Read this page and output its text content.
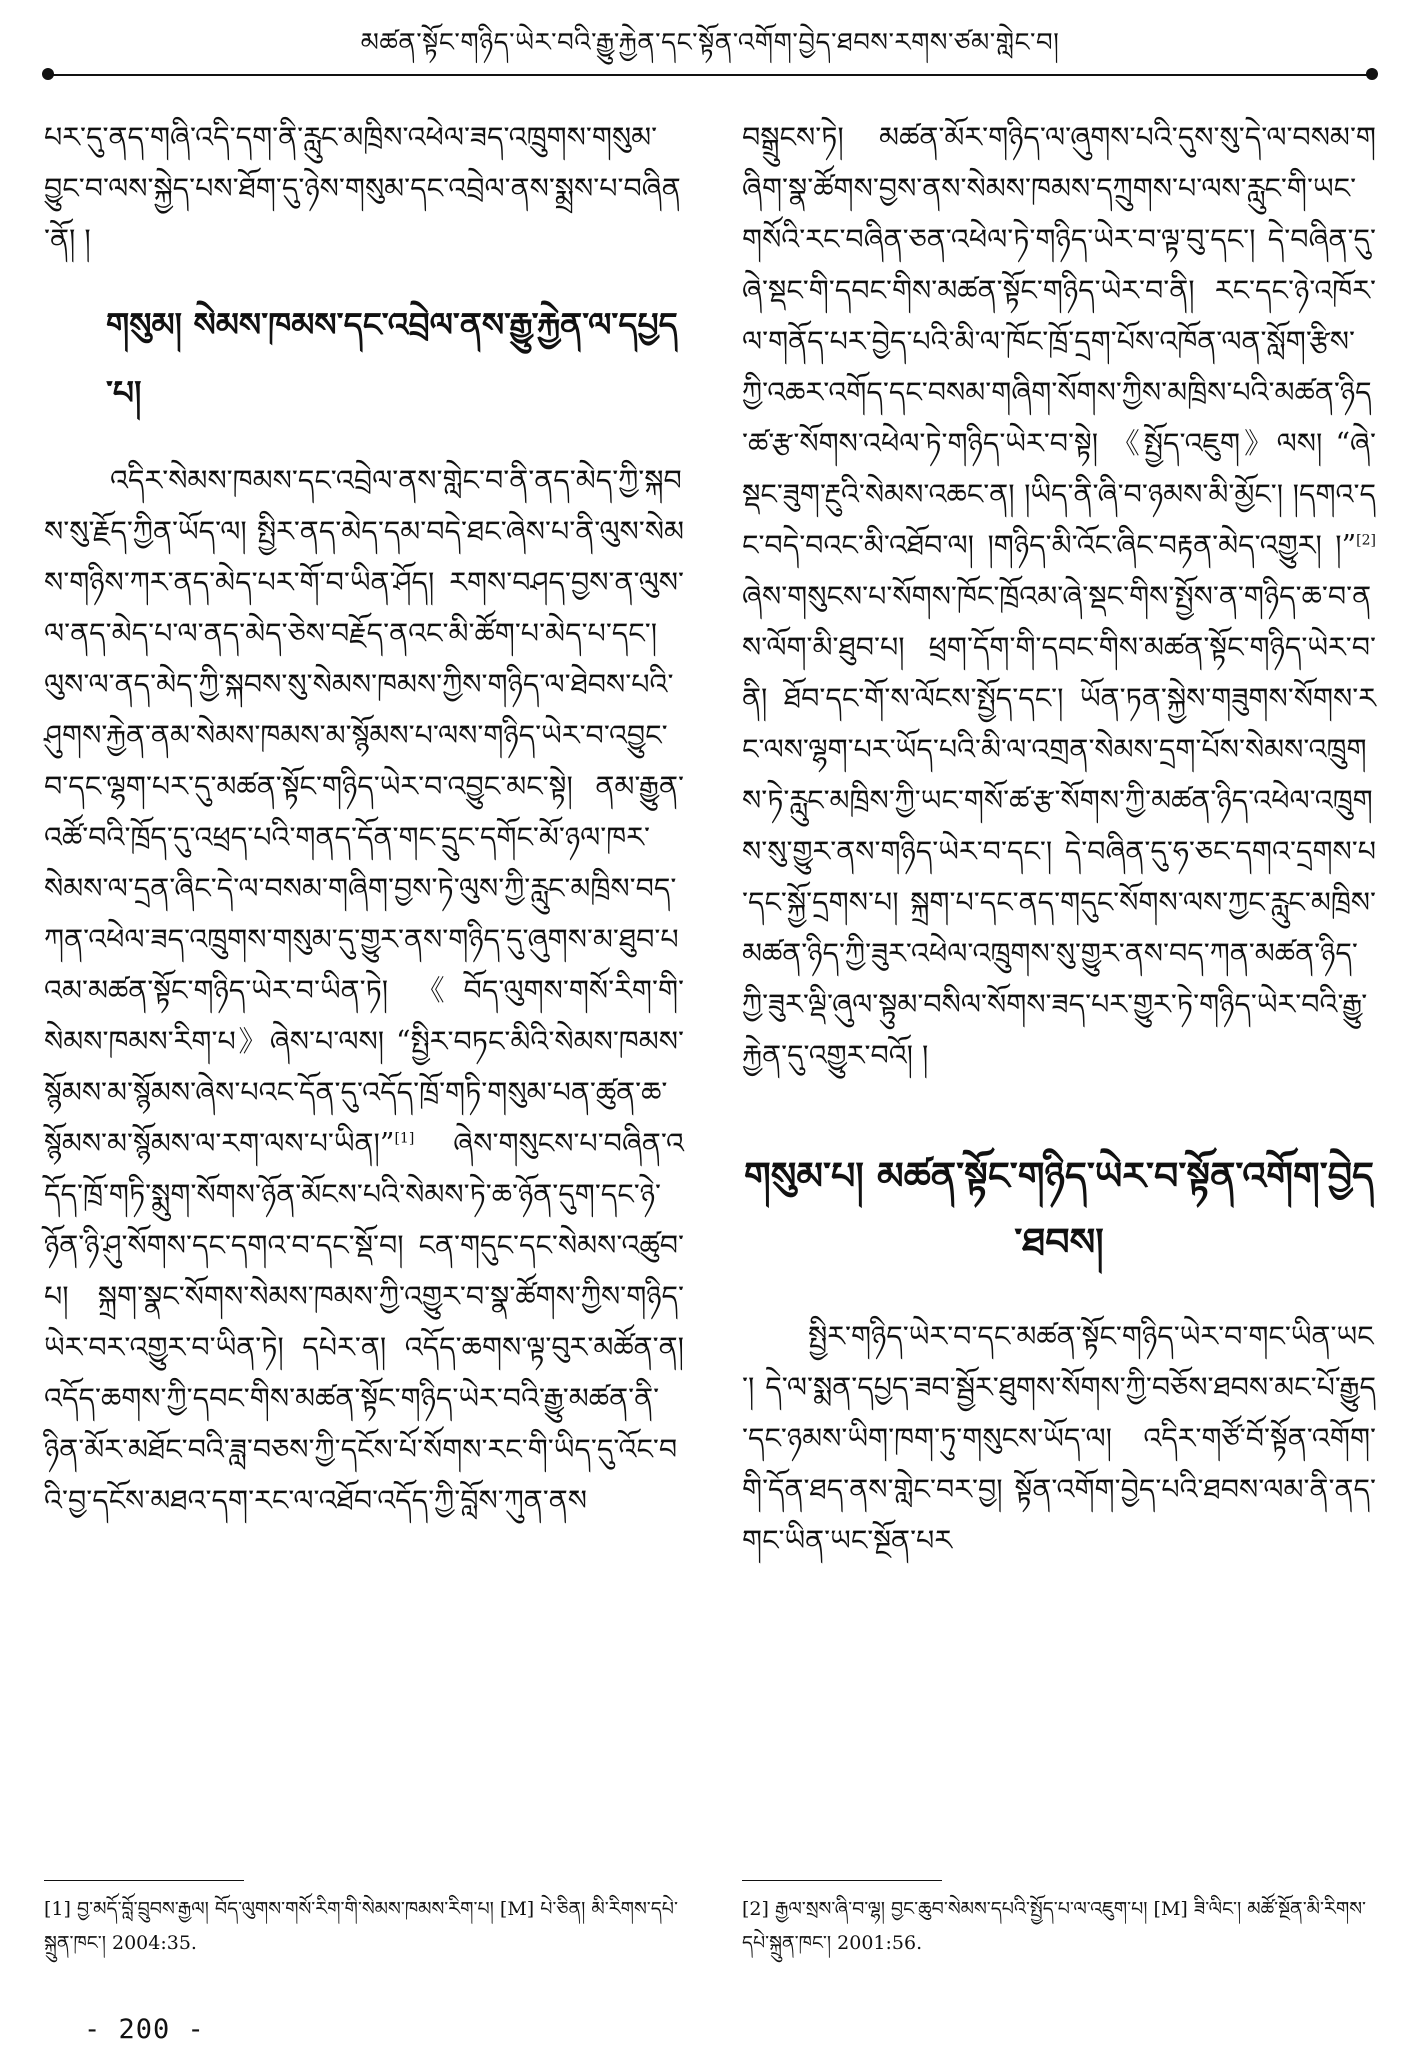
མཚན་སྟོང་གཉིད་ཡེར་བའི་རྒྱུ་རྐྱེན་དང་སྟོན་འགོག་བྱེད་ཐབས་རགས་ཙམ་གླེང་བ།

པར་དུ་ནད་གཞི་འདི་དག་ནི་རླུང་མཁྲིས་འཕེལ་ཟད་འཁྲུགས་གསུམ་བྱུང་བ་ལས་སྐྱེད་པས་ཐོག་དུ་ཉེས་གསུམ་དང་འབྲེལ་ནས་སྨྲས་པ་བཞིན་ནོ། །

གསུམ། སེམས་ཁམས་དང་འབྲེལ་ནས་རྒྱུ་རྐྱེན་ལ་དཔྱད་པ།

འདིར་སེམས་ཁམས་དང་འབྲེལ་ནས་གླེང་བ་ནི་ནད་མེད་ཀྱི་སྐབས་སུ་རྗོད་ཀྱིན་ཡོད་ལ། སྤྱིར་ནད་མེད་དམ་བདེ་ཐང་ཞེས་པ་ནི་ལུས་སེམས་གཉིས་ཀར་ནད་མེད་པར་གོ་བ་ཡིན་ཤོད། རགས་བཤད་བྱས་ན་ལུས་ལ་ནད་མེད་པ་ལ་ནད་མེད་ཅེས་བརྗོད་ནའང་མི་ཚོག་པ་མེད་པ་དང་། ལུས་ལ་ནད་མེད་ཀྱི་སྐབས་སུ་སེམས་ཁམས་ཀྱིས་གཉིད་ལ་ཐེབས་པའི་ཤུགས་རྐྱེན་ནམ་སེམས་ཁམས་མ་སྙོམས་པ་ལས་གཉིད་ཡེར་བ་འབྱུང་བ་དང་ལྷག་པར་དུ་མཚན་སྟོང་གཉིད་ཡེར་བ་འབྱུང་མང་སྟེ། ནམ་རྒྱུན་འཚོ་བའི་ཁྲོད་དུ་འཕྲད་པའི་གནད་དོན་གང་དྲུང་དགོང་མོ་ཉལ་ཁར་སེམས་ལ་དྲན་ཞིང་དེ་ལ་བསམ་གཞིག་བྱས་ཏེ་ལུས་ཀྱི་རླུང་མཁྲིས་བད་ཀན་འཕེལ་ཟད་འཁྲུགས་གསུམ་དུ་གྱུར་ནས་གཉིད་དུ་ཞུགས་མ་ཐུབ་པའམ་མཚན་སྟོང་གཉིད་ཡེར་བ་ཡིན་ཏེ། 《བོད་ལུགས་གསོ་རིག་གི་སེམས་ཁམས་རིག་པ》ཞེས་པ་ལས། “སྤྱིར་བཏང་མིའི་སེམས་ཁམས་སྙོམས་མ་སྙོམས་ཞེས་པའང་དོན་དུ་འདོད་ཁྲོ་གཏི་གསུམ་པན་ཚུན་ཆ་སྙོམས་མ་སྙོམས་ལ་རག་ལས་པ་ཡིན།”[1] ཞེས་གསུངས་པ་བཞིན་འདོད་ཁྲོ་གཏི་སྨུག་སོགས་ཉོན་མོངས་པའི་སེམས་ཏེ་ཆ་ཉོན་དུག་དང་ཉེ་ཉོན་ཉི་ཤུ་སོགས་དང་དགའ་བ་དང་སྡོ་བ། ངན་གདུང་དང་སེམས་འཚུབ་པ། སྐྲག་སྣང་སོགས་སེམས་ཁམས་ཀྱི་འགྱུར་བ་སྣ་ཚོགས་ཀྱིས་གཉིད་ཡེར་བར་འགྱུར་བ་ཡིན་ཏེ། དཔེར་ན། འདོད་ཆགས་ལྟ་བུར་མཚོན་ན། འདོད་ཆགས་ཀྱི་དབང་གིས་མཚན་སྟོང་གཉིད་ཡེར་བའི་རྒྱུ་མཚན་ནི་ཉིན་མོར་མཐོང་བའི་ཟླ་བཅས་ཀྱི་དངོས་པོ་སོགས་རང་གི་ཡིད་དུ་འོང་བའི་བྱ་དངོས་མཐའ་དག་རང་ལ་འཐོབ་འདོད་ཀྱི་བློས་ཀུན་ནས

བསྒྲུངས་ཏེ། མཚན་མོར་གཉིད་ལ་ཞུགས་པའི་དུས་སུ་དེ་ལ་བསམ་གཞིག་སྣ་ཚོགས་བྱས་ནས་སེམས་ཁམས་དཀྲུགས་པ་ལས་རླུང་གི་ཡང་གསོའི་རང་བཞིན་ཅན་འཕེལ་ཏེ་གཉིད་ཡེར་བ་ལྟ་བུ་དང་། དེ་བཞིན་དུ་ཞེ་སྡང་གི་དབང་གིས་མཚན་སྟོང་གཉིད་ཡེར་བ་ནི། རང་དང་ཉེ་འཁོར་ལ་གནོད་པར་བྱེད་པའི་མི་ལ་ཁོང་ཁྲོ་དྲག་པོས་འཁོན་ལན་སློག་རྩིས་ཀྱི་འཆར་འགོད་དང་བསམ་གཞིག་སོགས་ཀྱིས་མཁྲིས་པའི་མཚན་ཉིད་ཚ་རྩ་སོགས་འཕེལ་ཏེ་གཉིད་ཡེར་བ་སྟེ། 《སྤྱོད་འཇུག》ལས། “ཞེ་སྡང་ཟུག་རྔུའི་སེམས་འཆང་ན། །ཡིད་ནི་ཞི་བ་ཉམས་མི་མྱོང་། །དགའ་དང་བདེ་བའང་མི་འཐོབ་ལ། །གཉིད་མི་འོང་ཞིང་བརྟན་མེད་འགྱུར། །”[2]ཞེས་གསུངས་པ་སོགས་ཁོང་ཁྲོའམ་ཞེ་སྡང་གིས་སྤྱོས་ན་གཉིད་ཆ་བ་ནས་ལོག་མི་ཐུབ་པ། ཕྲག་དོག་གི་དབང་གིས་མཚན་སྟོང་གཉིད་ཡེར་བ་ནི། ཐོབ་དང་གོ་ས་ལོངས་སྤྱོད་དང་། ཡོན་ཏན་སྐྱེས་གཟུགས་སོགས་རང་ལས་ལྷག་པར་ཡོད་པའི་མི་ལ་འགྲན་སེམས་དྲག་པོས་སེམས་འཁྲུགས་ཏེ་རླུང་མཁྲིས་ཀྱི་ཡང་གསོ་ཚ་རྩ་སོགས་ཀྱི་མཚན་ཉིད་འཕེལ་འཁྲུགས་སུ་གྱུར་ནས་གཉིད་ཡེར་བ་དང་། དེ་བཞིན་དུ་ཧ་ཅང་དགའ་དྲགས་པ་དང་སྐྱོ་དྲགས་པ། སྐྲག་པ་དང་ནད་གདུང་སོགས་ལས་ཀྱང་རླུང་མཁྲིས་མཚན་ཉིད་ཀྱི་ཟུར་འཕེལ་འཁྲུགས་སུ་གྱུར་ནས་བད་ཀན་མཚན་ཉིད་ཀྱི་ཟུར་ལྡི་ཞུལ་སྟུམ་བསིལ་སོགས་ཟད་པར་གྱུར་ཏེ་གཉིད་ཡེར་བའི་རྒྱུ་རྐྱེན་དུ་འགྱུར་བའོ། །

གསུམ་པ། མཚན་སྟོང་གཉིད་ཡེར་བ་སྟོན་འགོག་བྱེད་ཐབས།

སྤྱིར་གཉིད་ཡེར་བ་དང་མཚན་སྟོང་གཉིད་ཡེར་བ་གང་ཡིན་ཡང་། དེ་ལ་སྨན་དཔྱད་ཟབ་སྦྱོར་ཐུགས་སོགས་ཀྱི་བཅོས་ཐབས་མང་པོ་རྒྱུད་དང་ཉམས་ཡིག་ཁག་ཏུ་གསུངས་ཡོད་ལ། འདིར་གཙོ་བོ་སྟོན་འགོག་གི་དོན་ཐད་ནས་གླེང་བར་བྱ། སྟོན་འགོག་བྱེད་པའི་ཐབས་ལམ་ནི་ནད་གང་ཡིན་ཡང་སྔོན་པར

[1] བྱ་མདོ་བློ་བྲུབས་རྒྱལ། བོད་ལུགས་གསོ་རིག་གི་སེམས་ཁམས་རིག་པ། [M] པེ་ཅིན། མི་རིགས་དཔེ་སྐྲུན་ཁང་། 2004:35.
[2] རྒྱལ་སྲས་ཞི་བ་ལྷ། བྱང་ཆུབ་སེམས་དཔའི་སྤྱོད་པ་ལ་འཇུག་པ། [M] ཟི་ལིང་། མཚོ་སྔོན་མི་རིགས་དཔེ་སྐྲུན་ཁང་། 2001:56.
- 200 -
